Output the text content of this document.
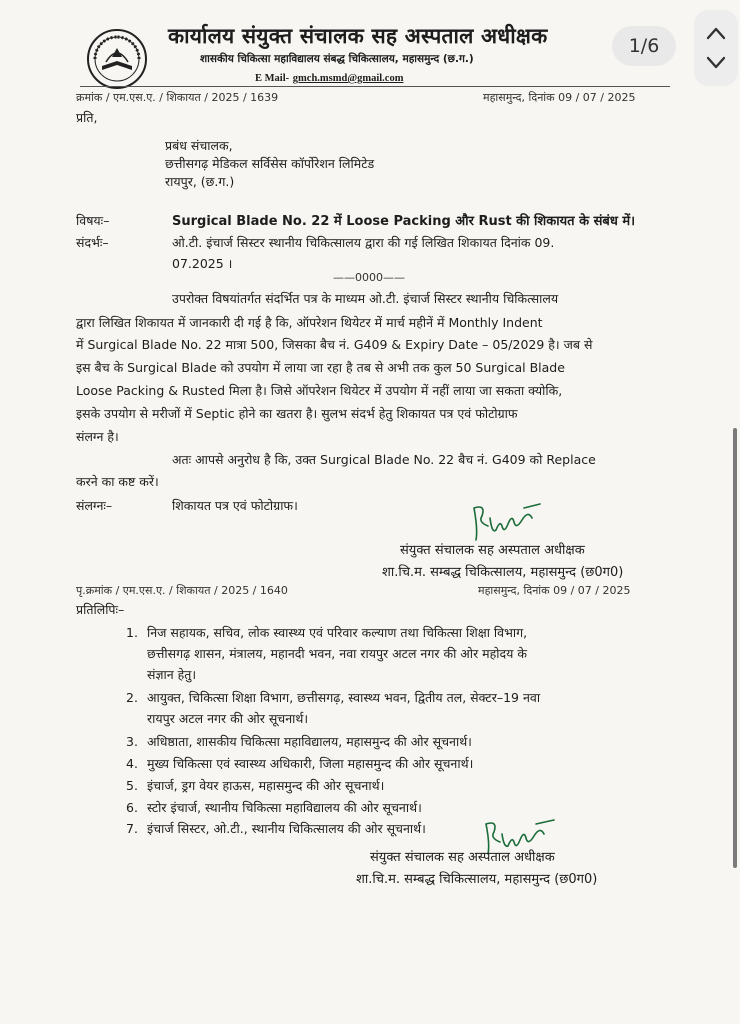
कार्यालय संयुक्त संचालक सह अस्पताल अधीक्षक
शासकीय चिकित्सा महाविद्यालय संबद्ध चिकित्सालय, महासमुन्द (छ.ग.)
E Mail- gmch.msmd@gmail.com
1/6
क्रमांक / एम.एस.ए. / शिकायत / 2025 / 1639	महासमुन्द, दिनांक 09 / 07 / 2025
प्रति,
प्रबंध संचालक,
छत्तीसगढ़ मेडिकल सर्विसेस कॉर्पोरेशन लिमिटेड
रायपुर, (छ.ग.)
विषयः–	Surgical Blade No. 22 में Loose Packing और Rust की शिकायत के संबंध में।
संदर्भः–	ओ.टी. इंचार्ज सिस्टर स्थानीय चिकित्सालय द्वारा की गई लिखित शिकायत दिनांक 09.
07.2025 ।
——0000——
उपरोक्त विषयांतर्गत संदर्भित पत्र के माध्यम ओ.टी. इंचार्ज सिस्टर स्थानीय चिकित्सालय
द्वारा लिखित शिकायत में जानकारी दी गई है कि, ऑपरेशन थियेटर में मार्च महीनें में Monthly Indent
में Surgical Blade No. 22 मात्रा 500, जिसका बैच नं. G409 & Expiry Date – 05/2029 है। जब से
इस बैच के Surgical Blade को उपयोग में लाया जा रहा है तब से अभी तक कुल 50 Surgical Blade
Loose Packing & Rusted मिला है। जिसे ऑपरेशन थियेटर में उपयोग में नहीं लाया जा सकता क्योकि,
इसके उपयोग से मरीजों में Septic होने का खतरा है। सुलभ संदर्भ हेतु शिकायत पत्र एवं फोटोग्राफ
संलग्न है।
अतः आपसे अनुरोध है कि, उक्त Surgical Blade No. 22 बैच नं. G409 को Replace
करने का कष्ट करें।
संलग्नः–	शिकायत पत्र एवं फोटोग्राफ।
संयुक्त संचालक सह अस्पताल अधीक्षक
शा.चि.म. सम्बद्ध चिकित्सालय, महासमुन्द (छ0ग0)
पृ.क्रमांक / एम.एस.ए. / शिकायत / 2025 / 1640	महासमुन्द, दिनांक 09 / 07 / 2025
प्रतिलिपिः–
1. निज सहायक, सचिव, लोक स्वास्थ्य एवं परिवार कल्याण तथा चिकित्सा शिक्षा विभाग,
छत्तीसगढ़ शासन, मंत्रालय, महानदी भवन, नवा रायपुर अटल नगर की ओर महोदय के
संज्ञान हेतु।
2. आयुक्त, चिकित्सा शिक्षा विभाग, छत्तीसगढ़, स्वास्थ्य भवन, द्वितीय तल, सेक्टर–19 नवा
रायपुर अटल नगर की ओर सूचनार्थ।
3. अधिष्ठाता, शासकीय चिकित्सा महाविद्यालय, महासमुन्द की ओर सूचनार्थ।
4. मुख्य चिकित्सा एवं स्वास्थ्य अधिकारी, जिला महासमुन्द की ओर सूचनार्थ।
5. इंचार्ज, ड्रग वेयर हाऊस, महासमुन्द की ओर सूचनार्थ।
6. स्टोर इंचार्ज, स्थानीय चिकित्सा महाविद्यालय की ओर सूचनार्थ।
7. इंचार्ज सिस्टर, ओ.टी., स्थानीय चिकित्सालय की ओर सूचनार्थ।
संयुक्त संचालक सह अस्पताल अधीक्षक
शा.चि.म. सम्बद्ध चिकित्सालय, महासमुन्द (छ0ग0)
